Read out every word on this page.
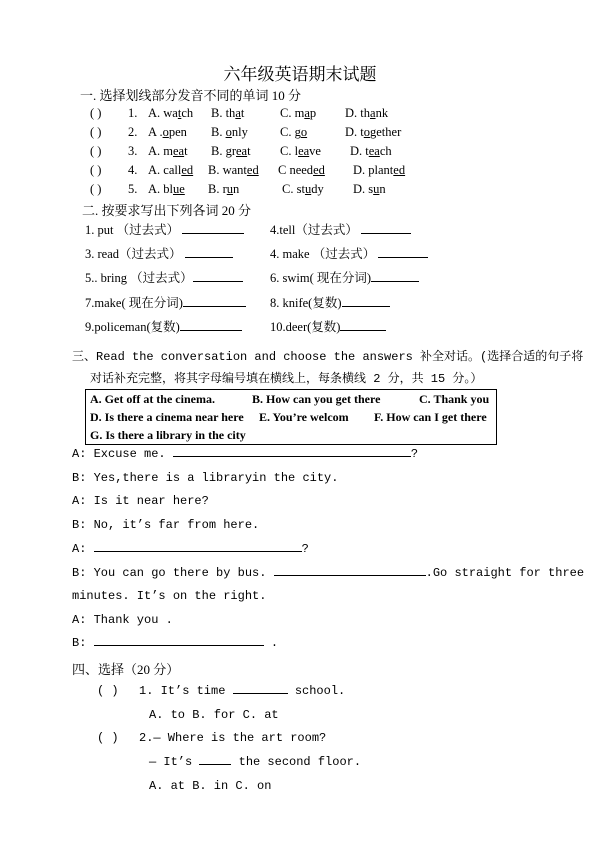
六年级英语期末试题
一. 选择划线部分发音不同的单词 10 分
( ) 1. A. watch B. that	C. map D. thank
( ) 2. A .open B. only	C. go	D. together
( ) 3. A. meat B. great C. leave D. teach
( ) 4. A. called B. wanted C needed D. planted
( ) 5. A. blue B. run	C. study D. sun
二. 按要求写出下列各词 20 分
1. put （过去式）	4.tell（过去式）
3. read（过去式）	4. make （过去式）
5.. bring （过去式）	6. swim( 现在分词)
7.make( 现在分词)	8. knife(复数)
9.policeman(复数)	10.deer(复数)
三、Read the conversation and choose the answers 补全对话。(选择合适的句子将
对话补充完整，将其字母编号填在横线上，每条横线 2 分，共 15 分。）
A. Get off at the cinema.	B. How can you get there	C. Thank you
D. Is there a cinema near here E. You’re welcom F. How can I get there
G. Is there a library in the city
A: Excuse me.	?
B: Yes,there is a libraryin the city.
A: Is it near here?
B: No, it’s far from here.
A:	?
B: You can go there by bus.	.Go straight for three
minutes. It’s on the right.
A: Thank you .
B:	.
四、选择（20 分）
( ) 1. It’s time	school.
A. to B. for C. at
( ) 2.— Where is the art room?
— It’s	the second floor.
A. at B. in C. on
